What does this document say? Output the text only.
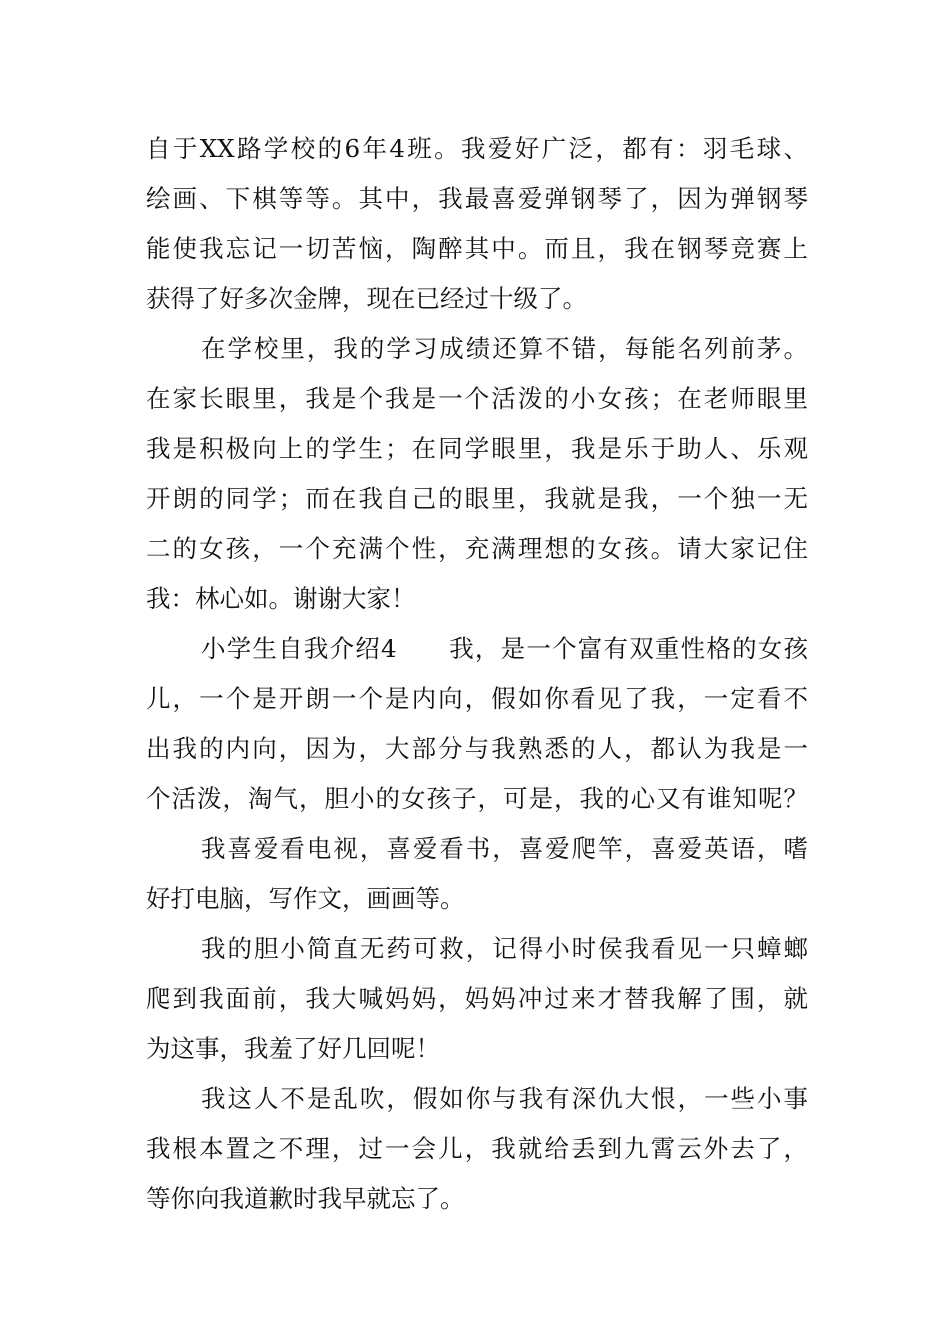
自于XX路学校的6年4班。我爱好广泛，都有：羽毛球、
绘画、下棋等等。其中，我最喜爱弹钢琴了，因为弹钢琴
能使我忘记一切苦恼，陶醉其中。而且，我在钢琴竞赛上
获得了好多次金牌，现在已经过十级了。
在学校里，我的学习成绩还算不错，每能名列前茅。
在家长眼里，我是个我是一个活泼的小女孩；在老师眼里
我是积极向上的学生；在同学眼里，我是乐于助人、乐观
开朗的同学；而在我自己的眼里，我就是我，一个独一无
二的女孩，一个充满个性，充满理想的女孩。请大家记住
我：林心如。谢谢大家！
小学生自我介绍4　　我，是一个富有双重性格的女孩
儿，一个是开朗一个是内向，假如你看见了我，一定看不
出我的内向，因为，大部分与我熟悉的人，都认为我是一
个活泼，淘气，胆小的女孩子，可是，我的心又有谁知呢？
我喜爱看电视，喜爱看书，喜爱爬竿，喜爱英语，嗜
好打电脑，写作文，画画等。
我的胆小简直无药可救，记得小时侯我看见一只蟑螂
爬到我面前，我大喊妈妈，妈妈冲过来才替我解了围，就
为这事，我羞了好几回呢！
我这人不是乱吹，假如你与我有深仇大恨，一些小事
我根本置之不理，过一会儿，我就给丢到九霄云外去了，
等你向我道歉时我早就忘了。
